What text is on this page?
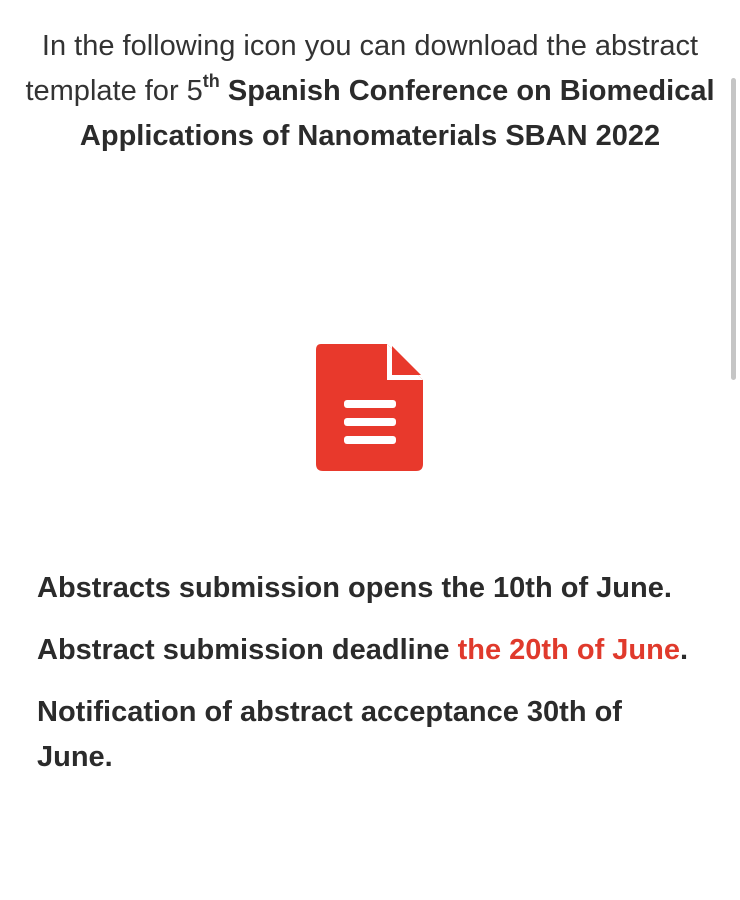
In the following icon you can download the abstract template for 5th Spanish Conference on Biomedical Applications of Nanomaterials SBAN 2022

Abstracts submission opens the 10th of June.

Abstract submission deadline the 20th of June.

Notification of abstract acceptance 30th of June.
